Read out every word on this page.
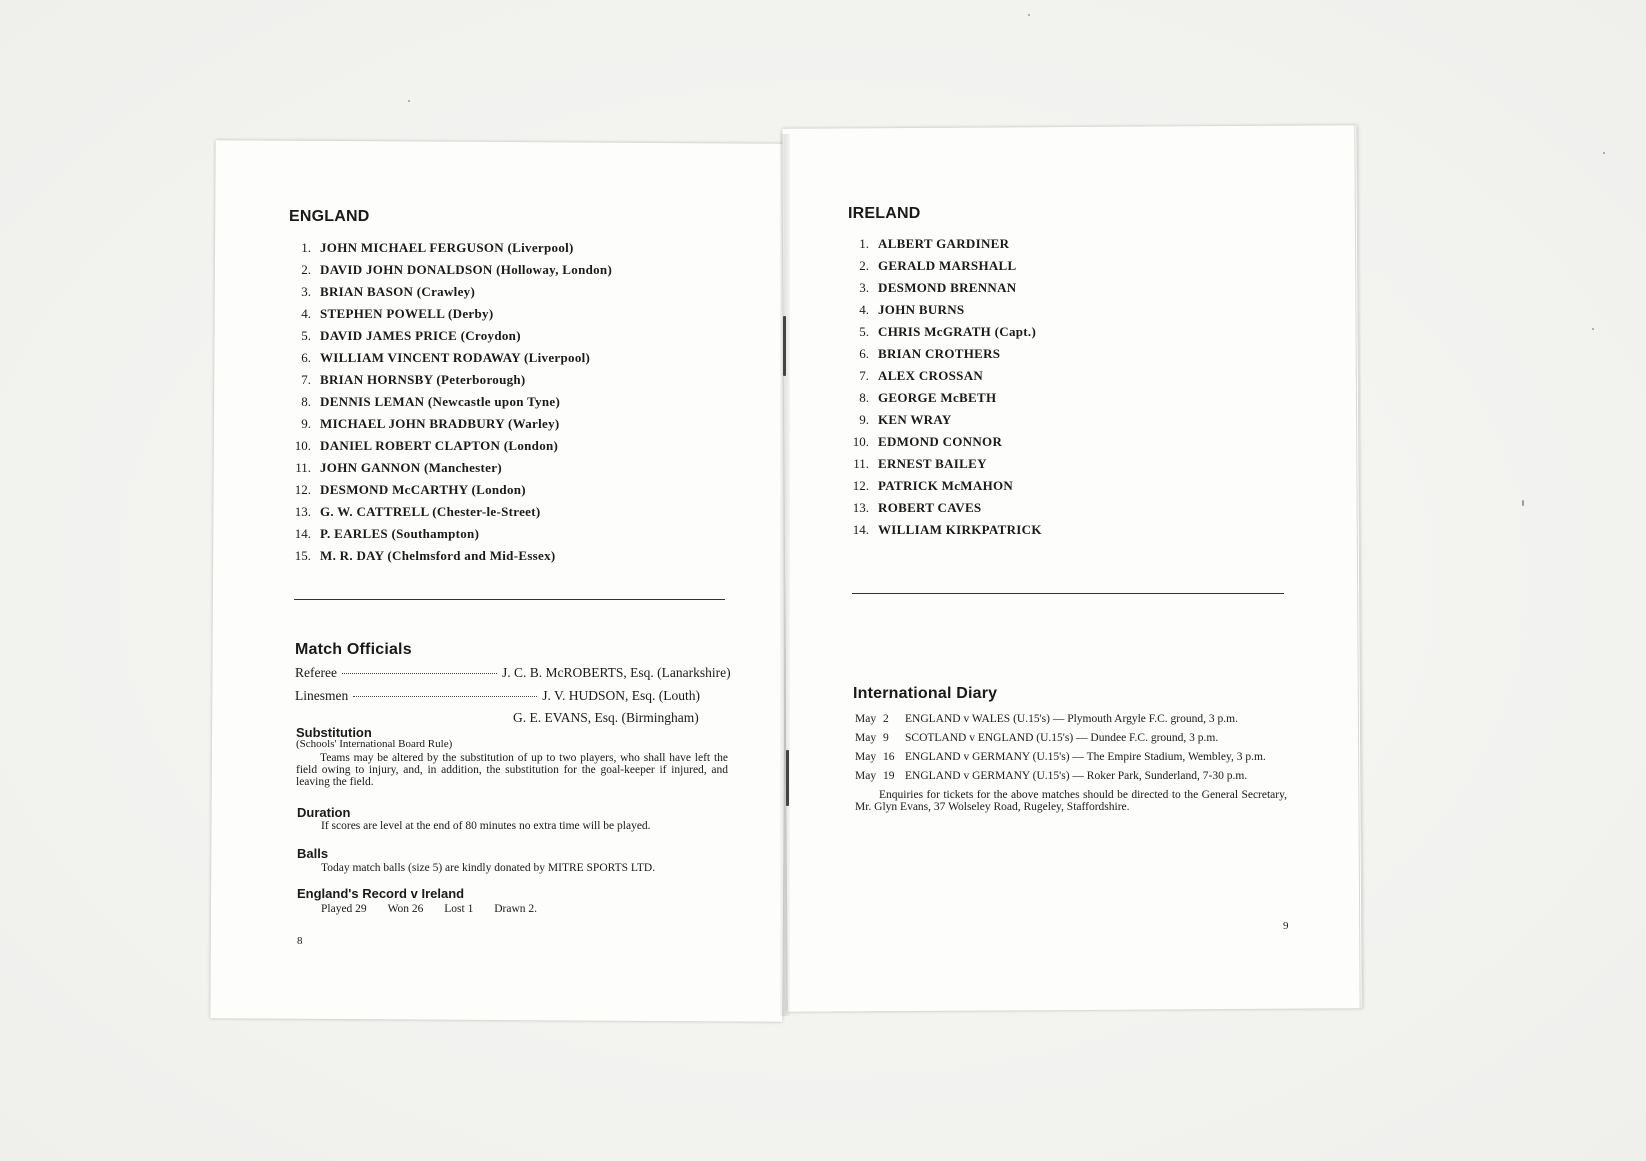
ENGLAND
1. JOHN MICHAEL FERGUSON (Liverpool)
2. DAVID JOHN DONALDSON (Holloway, London)
3. BRIAN BASON (Crawley)
4. STEPHEN POWELL (Derby)
5. DAVID JAMES PRICE (Croydon)
6. WILLIAM VINCENT RODAWAY (Liverpool)
7. BRIAN HORNSBY (Peterborough)
8. DENNIS LEMAN (Newcastle upon Tyne)
9. MICHAEL JOHN BRADBURY (Warley)
10. DANIEL ROBERT CLAPTON (London)
11. JOHN GANNON (Manchester)
12. DESMOND McCARTHY (London)
13. G. W. CATTRELL (Chester-le-Street)
14. P. EARLES (Southampton)
15. M. R. DAY (Chelmsford and Mid-Essex)
Match Officials
Referee	J. C. B. McROBERTS, Esq. (Lanarkshire)
Linesmen	J. V. HUDSON, Esq. (Louth)
G. E. EVANS, Esq. (Birmingham)
Substitution
(Schools' International Board Rule)
Teams may be altered by the substitution of up to two players, who shall have left the field owing to injury, and, in addition, the substitution for the goal-keeper if injured, and leaving the field.
Duration
If scores are level at the end of 80 minutes no extra time will be played.
Balls
Today match balls (size 5) are kindly donated by MITRE SPORTS LTD.
England's Record v Ireland
Played 29 Won 26 Lost 1 Drawn 2.
8
IRELAND
1. ALBERT GARDINER
2. GERALD MARSHALL
3. DESMOND BRENNAN
4. JOHN BURNS
5. CHRIS McGRATH (Capt.)
6. BRIAN CROTHERS
7. ALEX CROSSAN
8. GEORGE McBETH
9. KEN WRAY
10. EDMOND CONNOR
11. ERNEST BAILEY
12. PATRICK McMAHON
13. ROBERT CAVES
14. WILLIAM KIRKPATRICK
International Diary
May 2	ENGLAND v WALES (U.15's) — Plymouth Argyle F.C. ground, 3 p.m.
May 9	SCOTLAND v ENGLAND (U.15's) — Dundee F.C. ground, 3 p.m.
May 16 ENGLAND v GERMANY (U.15's) — The Empire Stadium, Wembley, 3 p.m.
May 19 ENGLAND v GERMANY (U.15's) — Roker Park, Sunderland, 7-30 p.m.
Enquiries for tickets for the above matches should be directed to the General Secretary, Mr. Glyn Evans, 37 Wolseley Road, Rugeley, Staffordshire.
9
